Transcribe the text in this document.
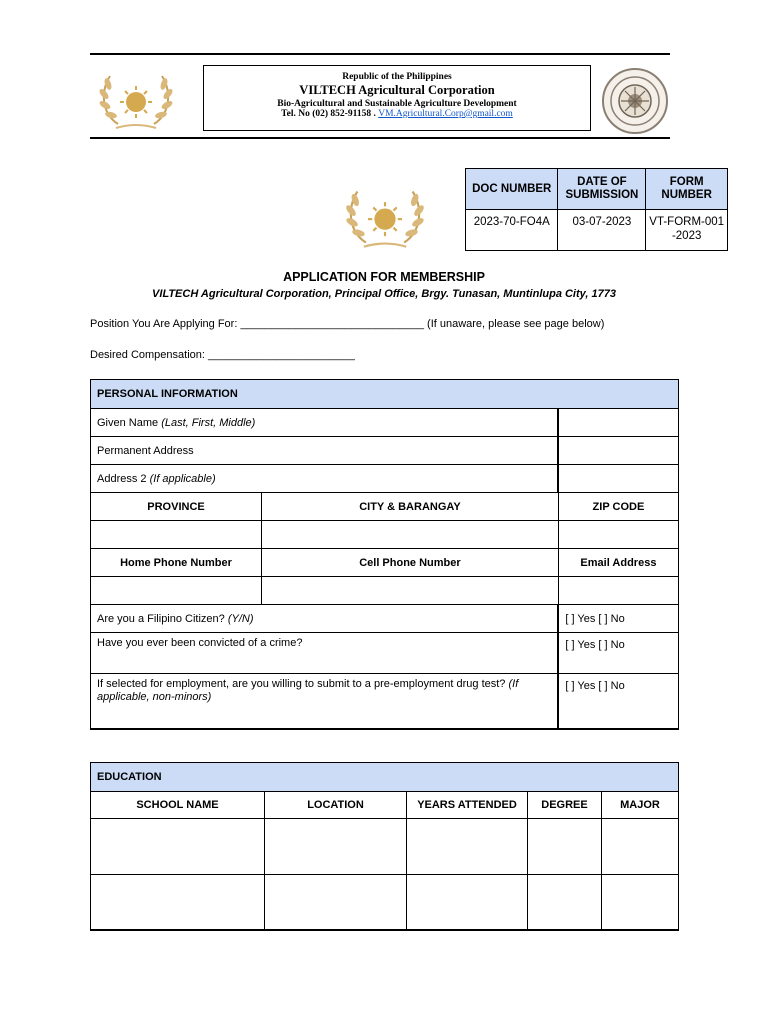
Republic of the Philippines
VILTECH Agricultural Corporation
Bio-Agricultural and Sustainable Agriculture Development
Tel. No (02) 852-91158 . VM.Agricultural.Corp@gmail.com
DOC NUMBER	DATE OF SUBMISSION	FORM NUMBER
2023-70-FO4A	03-07-2023	VT-FORM-001-2023
APPLICATION FOR MEMBERSHIP
VILTECH Agricultural Corporation, Principal Office, Brgy. Tunasan, Muntinlupa City, 1773
Position You Are Applying For: ______________________________ (If unaware, please see page below)
Desired Compensation: ________________________
PERSONAL INFORMATION		
Given Name (Last, First, Middle)		
Permanent Address		
Address 2 (If applicable)		
PROVINCE	CITY & BARANGAY	ZIP CODE

Home Phone Number	Cell Phone Number	Email Address

Are you a Filipino Citizen? (Y/N)		[ ] Yes [ ] No
Have you ever been convicted of a crime?		[ ] Yes [ ] No
If selected for employment, are you willing to submit to a pre-employment drug test? (If applicable, non-minors)		[ ] Yes [ ] No
EDUCATION				
SCHOOL NAME	LOCATION	YEARS ATTENDED	DEGREE	MAJOR
